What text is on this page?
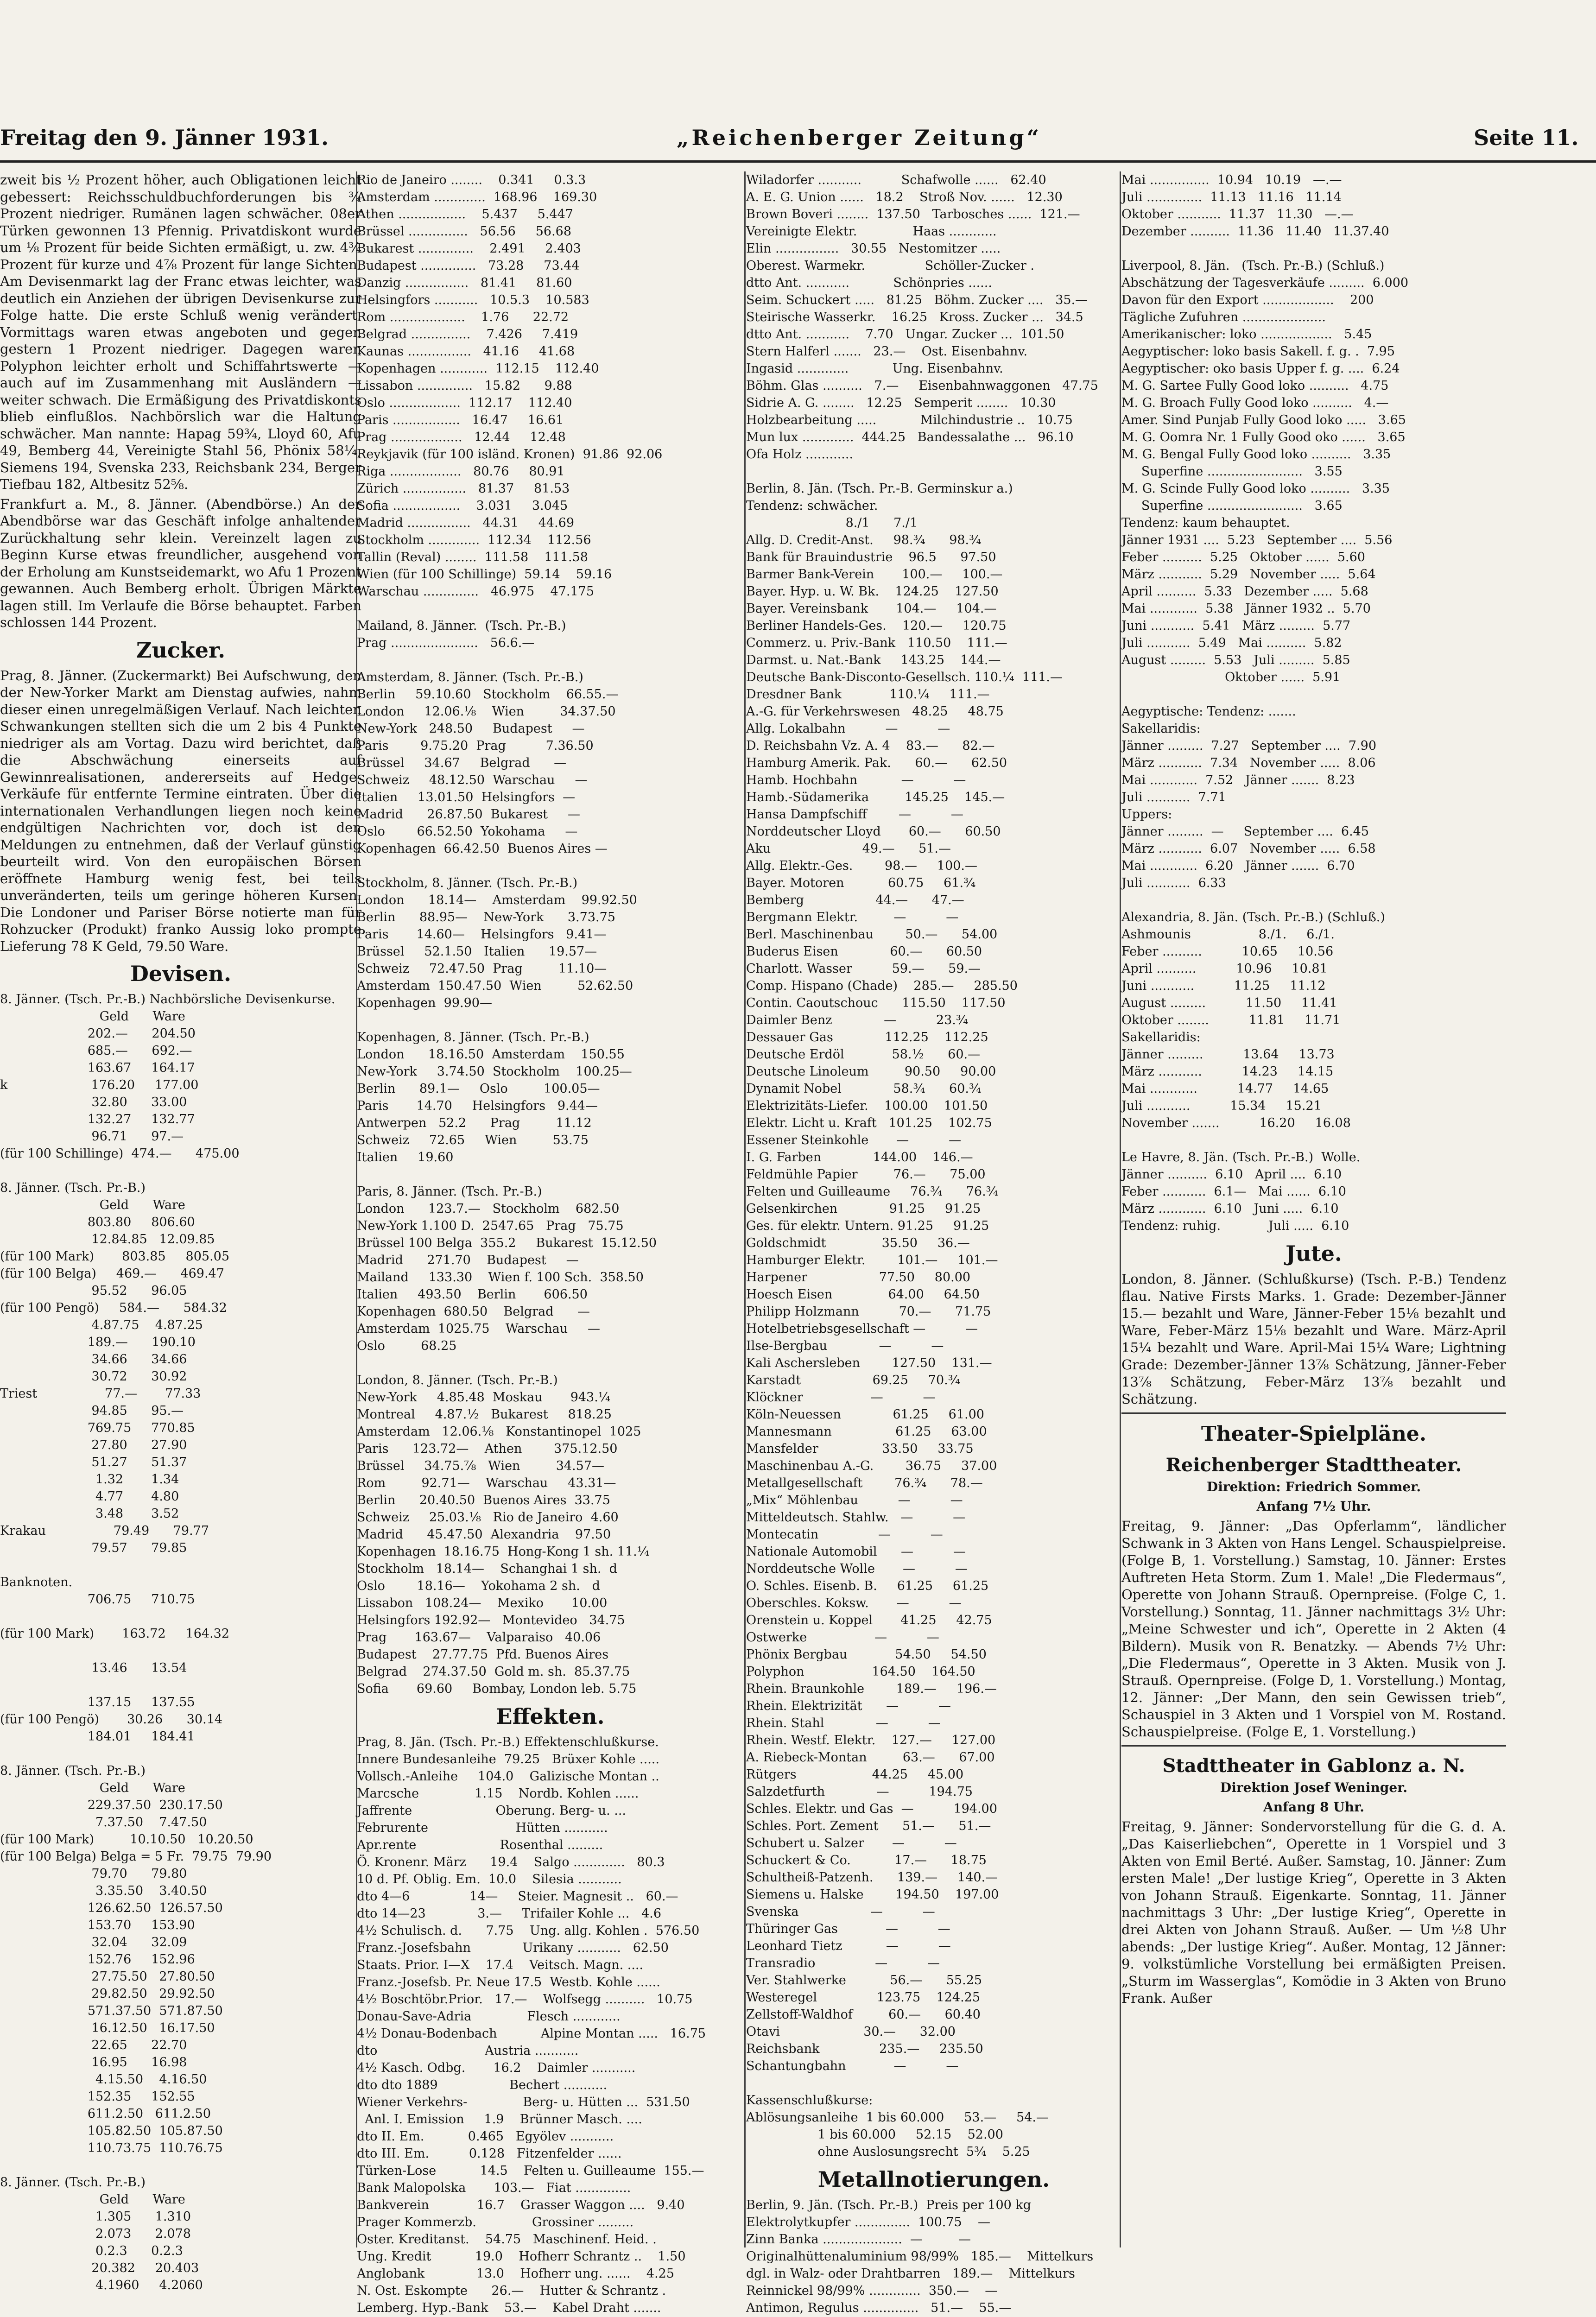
Freitag den 9. Jänner 1931.	„Reichenberger Zeitung“	Seite 11.

zweit bis ½ Prozent höher, auch Obligationen leicht gebessert: Reichsschuldbuchforderungen bis ¾ Prozent niedriger. Rumänen lagen schwächer. 08er Türken gewonnen 13 Pfennig. Privatdiskont wurde um ⅛ Prozent für beide Sichten ermäßigt, u. zw. 4¾ Prozent für kurze und 4⅞ Prozent für lange Sichten. Am Devisenmarkt lag der Franc etwas leichter, was deutlich ein Anziehen der übrigen Devisenkurse zur Folge hatte. Die erste Schluß wenig verändert. Vormittags waren etwas angeboten und gegen gestern 1 Prozent niedriger. Dagegen waren Polyphon leichter erholt und Schiffahrtswerte — auch auf im Zusammenhang mit Ausländern — weiter schwach. Die Ermäßigung des Privatdiskonts blieb einflußlos. Nachbörslich war die Haltung schwächer. Man nannte: Hapag 59¾, Lloyd 60, Afu 49, Bemberg 44, Vereinigte Stahl 56, Phönix 58¼, Siemens 194, Svenska 233, Reichsbank 234, Berger Tiefbau 182, Altbesitz 52⅝.

Frankfurt a. M., 8. Jänner. (Abendbörse.) An der Abendbörse war das Geschäft infolge anhaltender Zurückhaltung sehr klein. Vereinzelt lagen zu Beginn Kurse etwas freundlicher, ausgehend von der Erholung am Kunstseidemarkt, wo Afu 1 Prozent gewannen. Auch Bemberg erholt. Übrigen Märkte lagen still. Im Verlaufe die Börse behauptet. Farben schlossen 144 Prozent.

Zucker.

Prag, 8. Jänner. (Zuckermarkt) Bei Aufschwung, den der New-Yorker Markt am Dienstag aufwies, nahm dieser einen unregelmäßigen Verlauf. Nach leichten Schwankungen stellten sich die um 2 bis 4 Punkte niedriger als am Vortag. Dazu wird berichtet, daß die Abschwächung einerseits auf Gewinnrealisationen, andererseits auf Hedge-Verkäufe für entfernte Termine eintraten. Über die internationalen Verhandlungen liegen noch keine endgültigen Nachrichten vor, doch ist den Meldungen zu entnehmen, daß der Verlauf günstig beurteilt wird. Von den europäischen Börsen eröffnete Hamburg wenig fest, bei teils unveränderten, teils um geringe höheren Kursen. Die Londoner und Pariser Börse notierte man für Rohzucker (Produkt) franko Aussig loko prompte Lieferung 78 K Geld, 79.50 Ware.

Devisen.
8. Jänner. (Tsch. Pr.-B.) Nachbörsliche Devisenkurse.
Geld      Ware
202.—      204.50
685.—      692.—
163.67     164.17
k                     176.20     177.00
32.80      33.00
132.27     132.77
96.71      97.—
(für 100 Schillinge)  474.—      475.00

8. Jänner. (Tsch. Pr.-B.)
Geld      Ware
803.80     806.60
12.84.85   12.09.85
(für 100 Mark)       803.85     805.05
(für 100 Belga)     469.—      469.47
95.52      96.05
(für 100 Pengö)     584.—      584.32
4.87.75    4.87.25
189.—      190.10
34.66      34.66
30.72      30.92
Triest                 77.—       77.33
94.85      95.—
769.75     770.85
27.80      27.90
51.27      51.37
1.32       1.34
4.77       4.80
3.48       3.52
Krakau                 79.49      79.77
79.57      79.85

Banknoten.
706.75     710.75

(für 100 Mark)       163.72     164.32

13.46      13.54

137.15     137.55
(für 100 Pengö)       30.26      30.14
184.01     184.41

8. Jänner. (Tsch. Pr.-B.)
Geld      Ware
229.37.50  230.17.50
7.37.50    7.47.50
(für 100 Mark)         10.10.50   10.20.50
(für 100 Belga) Belga = 5 Fr.  79.75  79.90
79.70      79.80
3.35.50    3.40.50
126.62.50  126.57.50
153.70     153.90
32.04      32.09
152.76     152.96
27.75.50   27.80.50
29.82.50   29.92.50
571.37.50  571.87.50
16.12.50   16.17.50
22.65      22.70
16.95      16.98
4.15.50    4.16.50
152.35     152.55
611.2.50   611.2.50
105.82.50  105.87.50
110.73.75  110.76.75

8. Jänner. (Tsch. Pr.-B.)
Geld      Ware
1.305      1.310
2.073      2.078
0.2.3      0.2.3
20.382     20.403
4.1960     4.2060
Rio de Janeiro ........    0.341     0.3.3
Amsterdam .............  168.96    169.30
Athen .................    5.437     5.447
Brüssel ...............   56.56     56.68
Bukarest ..............    2.491     2.403
Budapest ..............   73.28     73.44
Danzig ................   81.41     81.60
Helsingfors ...........   10.5.3    10.583
Rom ...................    1.76      22.72
Belgrad ...............    7.426     7.419
Kaunas ................   41.16     41.68
Kopenhagen ............  112.15    112.40
Lissabon ..............   15.82      9.88
Oslo ..................  112.17    112.40
Paris .................   16.47     16.61
Prag ..................   12.44     12.48
Reykjavik (für 100 isländ. Kronen)  91.86  92.06
Riga ..................   80.76     80.91
Zürich ................   81.37     81.53
Sofia .................    3.031     3.045
Madrid ................   44.31     44.69
Stockholm .............  112.34    112.56
Tallin (Reval) ........  111.58    111.58
Wien (für 100 Schillinge)  59.14    59.16
Warschau ..............   46.975    47.175

Mailand, 8. Jänner.  (Tsch. Pr.-B.)
Prag ......................   56.6.—

Amsterdam, 8. Jänner. (Tsch. Pr.-B.)
Berlin     59.10.60   Stockholm    66.55.—
London     12.06.⅛    Wien         34.37.50
New-York   248.50     Budapest     —
Paris        9.75.20  Prag          7.36.50
Brüssel     34.67     Belgrad      —
Schweiz     48.12.50  Warschau     —
Italien     13.01.50  Helsingfors  —
Madrid      26.87.50  Bukarest     —
Oslo        66.52.50  Yokohama     —
Kopenhagen  66.42.50  Buenos Aires —

Stockholm, 8. Jänner. (Tsch. Pr.-B.)
London      18.14—    Amsterdam    99.92.50
Berlin      88.95—    New-York      3.73.75
Paris       14.60—    Helsingfors   9.41—
Brüssel     52.1.50   Italien      19.57—
Schweiz     72.47.50  Prag         11.10—
Amsterdam  150.47.50  Wien         52.62.50
Kopenhagen  99.90—

Kopenhagen, 8. Jänner. (Tsch. Pr.-B.)
London      18.16.50  Amsterdam    150.55
New-York     3.74.50  Stockholm    100.25—
Berlin      89.1—     Oslo         100.05—
Paris       14.70     Helsingfors   9.44—
Antwerpen   52.2      Prag         11.12
Schweiz     72.65     Wien         53.75
Italien     19.60

Paris, 8. Jänner. (Tsch. Pr.-B.)
London      123.7.—   Stockholm    682.50
New-York 1.100 D.  2547.65   Prag   75.75
Brüssel 100 Belga  355.2     Bukarest  15.12.50
Madrid      271.70    Budapest     —
Mailand     133.30    Wien f. 100 Sch.  358.50
Italien     493.50    Berlin       606.50
Kopenhagen  680.50    Belgrad      —
Amsterdam  1025.75    Warschau     —
Oslo         68.25

London, 8. Jänner. (Tsch. Pr.-B.)
New-York     4.85.48  Moskau       943.¼
Montreal     4.87.½   Bukarest     818.25
Amsterdam   12.06.⅛   Konstantinopel  1025
Paris      123.72—    Athen        375.12.50
Brüssel     34.75.⅞   Wien         34.57—
Rom         92.71—    Warschau     43.31—
Berlin      20.40.50  Buenos Aires  33.75
Schweiz     25.03.⅛   Rio de Janeiro  4.60
Madrid      45.47.50  Alexandria    97.50
Kopenhagen  18.16.75  Hong-Kong 1 sh. 11.¼
Stockholm   18.14—    Schanghai 1 sh.  d
Oslo        18.16—    Yokohama 2 sh.   d
Lissabon   108.24—    Mexiko       10.00
Helsingfors 192.92—   Montevideo   34.75
Prag       163.67—    Valparaiso   40.06
Budapest    27.77.75  Pfd. Buenos Aires
Belgrad    274.37.50  Gold m. sh.  85.37.75
Sofia       69.60     Bombay, London leb. 5.75
Effekten.
Prag, 8. Jän. (Tsch. Pr.-B.) Effektenschlußkurse.
Innere Bundesanleihe  79.25   Brüxer Kohle .....
Vollsch.-Anleihe     104.0    Galizische Montan ..
Marcsche              1.15    Nordb. Kohlen ......
Jaffrente                     Oberung. Berg- u. ...
Februrente                      Hütten ...........
Apr.rente                     Rosenthal .........
Ö. Kronenr. März      19.4    Salgo .............   80.3
10 d. Pf. Oblig. Em.  10.0    Silesia ...........
dto 4—6               14—     Steier. Magnesit ..   60.—
dto 14—23             3.—     Trifailer Kohle ...   4.6
4½ Schulisch. d.      7.75    Ung. allg. Kohlen .  576.50
Franz.-Josefsbahn             Urikany ...........   62.50
Staats. Prior. I—X    17.4    Veitsch. Magn. ....
Franz.-Josefsb. Pr. Neue 17.5  Westb. Kohle ......
4½ Boschtöbr.Prior.   17.—    Wolfsegg ..........   10.75
Donau-Save-Adria              Flesch ............
4½ Donau-Bodenbach           Alpine Montan .....   16.75
dto                           Austria ...........
4½ Kasch. Odbg.       16.2    Daimler ...........
dto dto 1889                  Bechert ...........
Wiener Verkehrs-              Berg- u. Hütten ...  531.50
Anl. I. Emission     1.9    Brünner Masch. ....
dto II. Em.           0.465   Egyölev ...........
dto III. Em.          0.128   Fitzenfelder ......
Türken-Lose           14.5    Felten u. Guilleaume  155.—
Bank Malopolska       103.—   Fiat ..............
Bankverein            16.7    Grasser Waggon ....   9.40
Prager Kommerzb.              Grossiner .........
Oster. Kreditanst.    54.75   Maschinenf. Heid. .
Ung. Kredit           19.0    Hofherr Schrantz ..    1.50
Anglobank             13.0    Hofherr ung. ......    4.25
N. Ost. Eskompte      26.—    Hutter & Schrantz .
Lemberg. Hyp.-Bank    53.—    Kabel Draht .......
Wiladorfer ...........          Schafwolle ......   62.40
A. E. G. Union ......   18.2    Stroß Nov. ......   12.30
Brown Boveri ........  137.50   Tarbosches ......  121.—
Vereinigte Elektr.              Haas ............
Elin ................   30.55   Nestomitzer .....
Oberest. Warmekr.               Schöller-Zucker .
dtto Ant. ...........           Schönpries ......
Seim. Schuckert .....   81.25   Böhm. Zucker ....   35.—
Steirische Wasserkr.    16.25   Kross. Zucker ...   34.5
dtto Ant. ...........    7.70   Ungar. Zucker ...  101.50
Stern Halferl .......   23.—    Ost. Eisenbahnv.
Ingasid .............           Ung. Eisenbahnv.
Böhm. Glas ..........   7.—     Eisenbahnwaggonen   47.75
Sidrie A. G. ........   12.25   Semperit ........   10.30
Holzbearbeitung .....           Milchindustrie ..   10.75
Mun lux .............  444.25   Bandessalathe ...   96.10
Ofa Holz ............

Berlin, 8. Jän. (Tsch. Pr.-B. Germinskur a.)
Tendenz: schwächer.
8./1      7./1
Allg. D. Credit-Anst.     98.¾      98.¾
Bank für Brauindustrie    96.5      97.50
Barmer Bank-Verein       100.—     100.—
Bayer. Hyp. u. W. Bk.    124.25    127.50
Bayer. Vereinsbank       104.—     104.—
Berliner Handels-Ges.    120.—     120.75
Commerz. u. Priv.-Bank   110.50    111.—
Darmst. u. Nat.-Bank     143.25    144.—
Deutsche Bank-Disconto-Gesellsch. 110.¼  111.—
Dresdner Bank            110.¼     111.—
A.-G. für Verkehrswesen   48.25     48.75
Allg. Lokalbahn          —          —
D. Reichsbahn Vz. A. 4    83.—      82.—
Hamburg Amerik. Pak.      60.—      62.50
Hamb. Hochbahn           —          —
Hamb.-Südamerika         145.25    145.—
Hansa Dampfschiff        —          —
Norddeutscher Lloyd       60.—      60.50
Aku                       49.—      51.—
Allg. Elektr.-Ges.        98.—     100.—
Bayer. Motoren           60.75     61.¾
Bemberg                  44.—      47.—
Bergmann Elektr.         —          —
Berl. Maschinenbau        50.—      54.00
Buderus Eisen             60.—      60.50
Charlott. Wasser          59.—      59.—
Comp. Hispano (Chade)    285.—     285.50
Contin. Caoutschouc      115.50    117.50
Daimler Benz             —          23.¾
Dessauer Gas             112.25    112.25
Deutsche Erdöl            58.½      60.—
Deutsche Linoleum         90.50     90.00
Dynamit Nobel             58.¾      60.¾
Elektrizitäts-Liefer.    100.00    101.50
Elektr. Licht u. Kraft   101.25    102.75
Essener Steinkohle       —          —
I. G. Farben             144.00    146.—
Feldmühle Papier         76.—      75.00
Felten und Guilleaume     76.¾      76.¾
Gelsenkirchen             91.25     91.25
Ges. für elektr. Untern. 91.25     91.25
Goldschmidt              35.50     36.—
Hamburger Elektr.        101.—     101.—
Harpener                  77.50     80.00
Hoesch Eisen              64.00     64.50
Philipp Holzmann          70.—      71.75
Hotelbetriebsgesellschaft —          —
Ilse-Bergbau             —          —
Kali Aschersleben        127.50    131.—
Karstadt                  69.25     70.¾
Klöckner                 —          —
Köln-Neuessen             61.25     61.00
Mannesmann                61.25     63.00
Mansfelder                33.50     33.75
Maschinenbau A.-G.        36.75     37.00
Metallgesellschaft        76.¾      78.—
„Mix“ Möhlenbau          —          —
Mitteldeutsch. Stahlw.   —          —
Montecatin               —          —
Nationale Automobil      —          —
Norddeutsche Wolle       —          —
O. Schles. Eisenb. B.     61.25     61.25
Oberschles. Koksw.       —          —
Orenstein u. Koppel       41.25     42.75
Ostwerke                 —          —
Phönix Bergbau            54.50     54.50
Polyphon                 164.50    164.50
Rhein. Braunkohle        189.—     196.—
Rhein. Elektrizität      —          —
Rhein. Stahl             —          —
Rhein. Westf. Elektr.    127.—     127.00
A. Riebeck-Montan         63.—      67.00
Rütgers                   44.25     45.00
Salzdetfurth             —          194.75
Schles. Elektr. und Gas  —          194.00
Schles. Port. Zement      51.—      51.—
Schubert u. Salzer       —          —
Schuckert & Co.           17.—      18.75
Schultheiß-Patzenh.      139.—     140.—
Siemens u. Halske        194.50    197.00
Svenska                  —          —
Thüringer Gas            —          —
Leonhard Tietz           —          —
Transradio               —          —
Ver. Stahlwerke           56.—      55.25
Westeregel               123.75    124.25
Zellstoff-Waldhof         60.—      60.40
Otavi                     30.—      32.00
Reichsbank               235.—     235.50
Schantungbahn            —          —

Kassenschlußkurse:
Ablösungsanleihe  1 bis 60.000     53.—     54.—
1 bis 60.000     52.15    52.00
ohne Auslosungsrecht  5¾    5.25
Metallnotierungen.
Berlin, 9. Jän. (Tsch. Pr.-B.)  Preis per 100 kg
Elektrolytkupfer ..............  100.75    —
Zinn Banka ....................  —         —
Originalhüttenaluminium 98/99%   185.—    Mittelkurs
dgl. in Walz- oder Drahtbarren   189.—    Mittelkurs
Reinnickel 98/99% .............  350.—    —
Antimon, Regulus ..............   51.—    55.—

Mai ...............  10.94   10.19   —.—
Juli ..............  11.13   11.16   11.14
Oktober ...........  11.37   11.30   —.—
Dezember ..........  11.36   11.40   11.37.40

Liverpool, 8. Jän.   (Tsch. Pr.-B.) (Schluß.)
Abschätzung der Tagesverkäufe .........  6.000
Davon für den Export ..................    200
Tägliche Zufuhren .....................
Amerikanischer: loko ..................   5.45
Aegyptischer: loko basis Sakell. f. g. .  7.95
Aegyptischer: oko basis Upper f. g. ....  6.24
M. G. Sartee Fully Good loko ..........   4.75
M. G. Broach Fully Good loko ..........   4.—
Amer. Sind Punjab Fully Good loko .....   3.65
M. G. Oomra Nr. 1 Fully Good oko ......   3.65
M. G. Bengal Fully Good loko ..........   3.35
Superfine ........................   3.55
M. G. Scinde Fully Good loko ..........   3.35
Superfine ........................   3.65
Tendenz: kaum behauptet.
Jänner 1931 ....  5.23   September ....  5.56
Feber ..........  5.25   Oktober ......  5.60
März ...........  5.29   November .....  5.64
April ..........  5.33   Dezember .....  5.68
Mai ............  5.38   Jänner 1932 ..  5.70
Juni ...........  5.41   März .........  5.77
Juli ...........  5.49   Mai ..........  5.82
August .........  5.53   Juli .........  5.85
Oktober ......  5.91

Aegyptische: Tendenz: .......
Sakellaridis:
Jänner .........  7.27   September ....  7.90
März ...........  7.34   November .....  8.06
Mai ............  7.52   Jänner .......  8.23
Juli ...........  7.71
Uppers:
Jänner .........  —     September ....  6.45
März ...........  6.07   November .....  6.58
Mai ............  6.20   Jänner .......  6.70
Juli ...........  6.33

Alexandria, 8. Jän. (Tsch. Pr.-B.) (Schluß.)
Ashmounis                 8./1.     6./1.
Feber ..........          10.65     10.56
April ..........          10.96     10.81
Juni ...........          11.25     11.12
August .........          11.50     11.41
Oktober ........          11.81     11.71
Sakellaridis:
Jänner .........          13.64     13.73
März ...........          14.23     14.15
Mai ............          14.77     14.65
Juli ...........          15.34     15.21
November .......          16.20     16.08

Le Havre, 8. Jän. (Tsch. Pr.-B.)  Wolle.
Jänner ..........  6.10   April ....  6.10
Feber ...........  6.1—   Mai ......  6.10
März ............  6.10   Juni .....  6.10
Tendenz: ruhig.            Juli .....  6.10
Jute.

London, 8. Jänner. (Schlußkurse) (Tsch. P.-B.) Tendenz flau. Native Firsts Marks. 1. Grade: Dezember-Jänner 15.— bezahlt und Ware, Jänner-Feber 15⅛ bezahlt und Ware, Feber-März 15⅛ bezahlt und Ware. März-April 15¼ bezahlt und Ware. April-Mai 15¼ Ware; Lightning Grade: Dezember-Jänner 13⅞ Schätzung, Jänner-Feber 13⅞ Schätzung, Feber-März 13⅞ bezahlt und Schätzung.

Theater-Spielpläne.
Reichenberger Stadttheater.
Direktion: Friedrich Sommer.
Anfang 7½ Uhr.

Freitag, 9. Jänner: „Das Opferlamm“, ländlicher Schwank in 3 Akten von Hans Lengel. Schauspielpreise. (Folge B, 1. Vorstellung.) Samstag, 10. Jänner: Erstes Auftreten Heta Storm. Zum 1. Male! „Die Fledermaus“, Operette von Johann Strauß. Opernpreise. (Folge C, 1. Vorstellung.) Sonntag, 11. Jänner nachmittags 3½ Uhr: „Meine Schwester und ich“, Operette in 2 Akten (4 Bildern). Musik von R. Benatzky. — Abends 7½ Uhr: „Die Fledermaus“, Operette in 3 Akten. Musik von J. Strauß. Opernpreise. (Folge D, 1. Vorstellung.) Montag, 12. Jänner: „Der Mann, den sein Gewissen trieb“, Schauspiel in 3 Akten und 1 Vorspiel von M. Rostand. Schauspielpreise. (Folge E, 1. Vorstellung.)

Stadttheater in Gablonz a. N.
Direktion Josef Weninger.
Anfang 8 Uhr.

Freitag, 9. Jänner: Sondervorstellung für die G. d. A. „Das Kaiserliebchen“, Operette in 1 Vorspiel und 3 Akten von Emil Berté. Außer. Samstag, 10. Jänner: Zum ersten Male! „Der lustige Krieg“, Operette in 3 Akten von Johann Strauß. Eigenkarte. Sonntag, 11. Jänner nachmittags 3 Uhr: „Der lustige Krieg“, Operette in drei Akten von Johann Strauß. Außer. — Um ½8 Uhr abends: „Der lustige Krieg“. Außer. Montag, 12 Jänner: 9. volkstümliche Vorstellung bei ermäßigten Preisen. „Sturm im Wasserglas“, Komödie in 3 Akten von Bruno Frank. Außer
